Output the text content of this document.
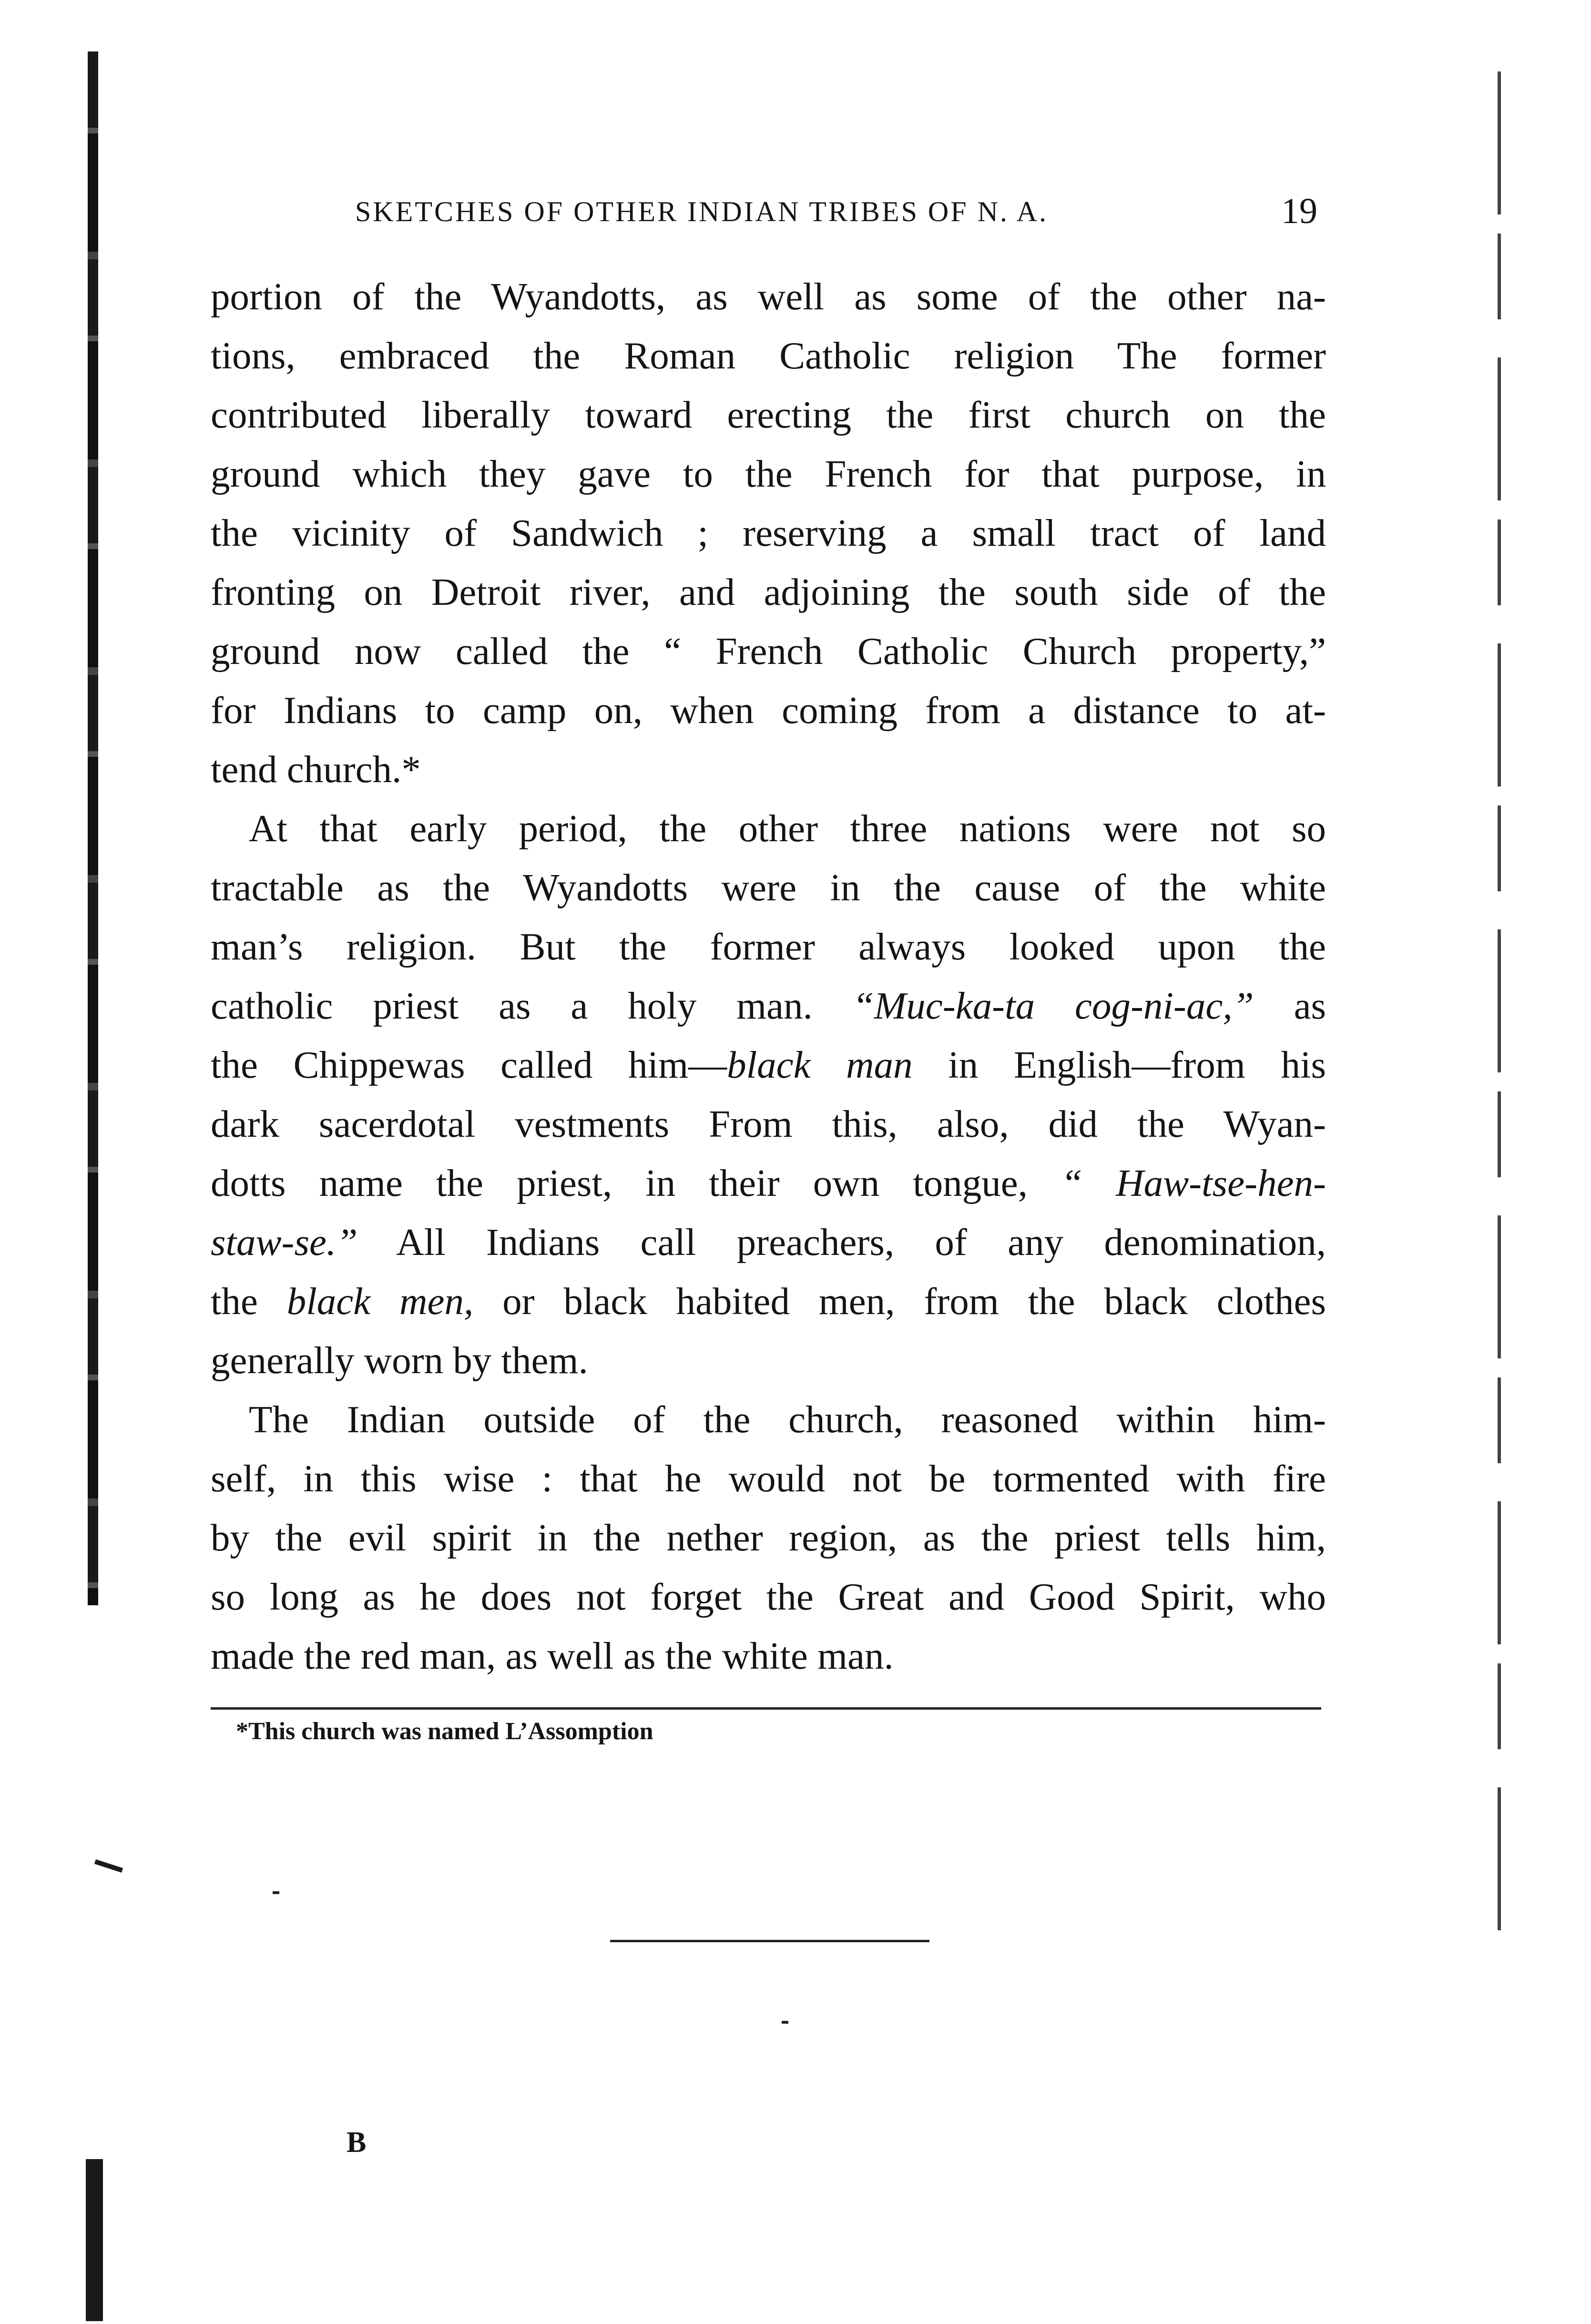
SKETCHES OF OTHER INDIAN TRIBES OF N. A.	19
portion of the Wyandotts, as well as some of the other na-
tions, embraced the Roman Catholic religion The former
contributed liberally toward erecting the first church on the
ground which they gave to the French for that purpose, in
the vicinity of Sandwich ; reserving a small tract of land
fronting on Detroit river, and adjoining the south side of the
ground now called the “ French Catholic Church property,”
for Indians to camp on, when coming from a distance to at-
tend church.*
At that early period, the other three nations were not so
tractable as the Wyandotts were in the cause of the white
man’s religion. But the former always looked upon the
catholic priest as a holy man. “Muc-ka-ta cog-ni-ac,” as
the Chippewas called him—black man in English—from his
dark sacerdotal vestments From this, also, did the Wyan-
dotts name the priest, in their own tongue, “ Haw-tse-hen-
staw-se.” All Indians call preachers, of any denomination,
the black men, or black habited men, from the black clothes
generally worn by them.
The Indian outside of the church, reasoned within him-
self, in this wise : that he would not be tormented with fire
by the evil spirit in the nether region, as the priest tells him,
so long as he does not forget the Great and Good Spirit, who
made the red man, as well as the white man.
*This church was named L’Assomption
B
